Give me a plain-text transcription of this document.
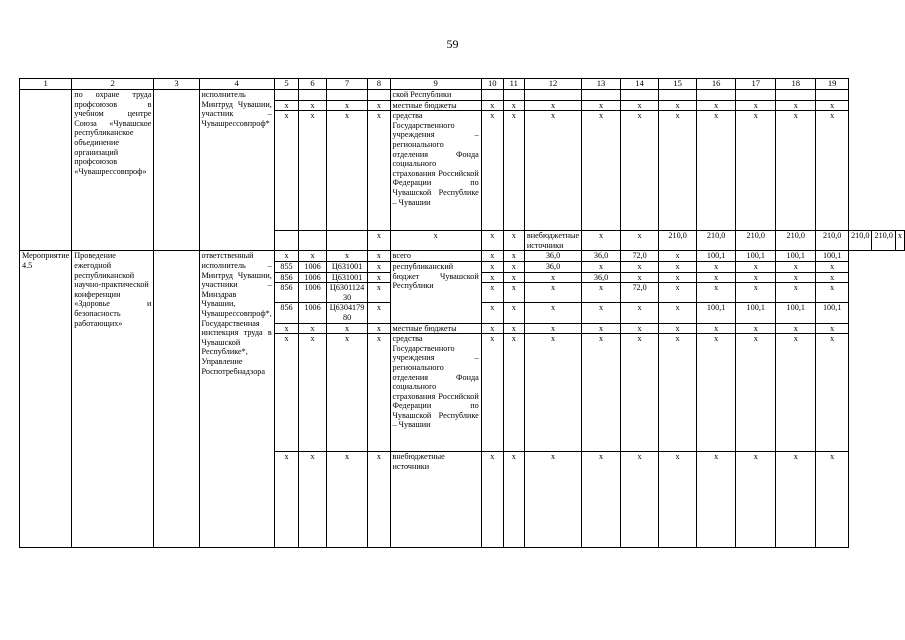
59
1	2	3	4	5	6	7	8	9	10	11	12	13	14	15	16	17	18	19			
	по охране труда профсоюзов в учебном центре Союза «Чувашское республиканское объединение организаций профсоюзов «Чувашрессовпроф»		исполнитель Минтруд Чувашии, участник – Чувашрессовпроф*					ской Республики													
				x	x	x	x	местные бюджеты	x	x	x	x	x	x	x	x	x	x			
				x	x	x	x	средства Государственного учреждения – регионального отделения Фонда социального страхования Российской Федерации по Чувашской Республике – Чувашии	x	x	x	x	x	x	x	x	x	x			
							x	x	x	x	внебюджетные источники	x	x	210,0	210,0	210,0	210,0	210,0	210,0	210,0	x
Мероприятие 4.5	Проведение ежегодной республиканской научно-практической конференции «Здоровье и безопасность работающих»		ответственный исполнитель – Минтруд Чувашии, участники – Минздрав Чувашии, Чувашрессовпроф*, Государственная инспекция труда в Чувашской Республике*, Управление Роспотребнадзора	x	x	x	x	всего	x	x	36,0	36,0	72,0	x	100,1	100,1	100,1	100,1			
				855	1006	Ц631001	x	республиканский бюджет Чувашской Республики	x	x	36,0	x	x	x	x	x	x	x			
				856	1006	Ц631001	x		x	x	x	36,0	x	x	x	x	x	x			
				856	1006	Ц6301124 30	x		x	x	x	x	72,0	x	x	x	x	x			
				856	1006	Ц6304179 80	x		x	x	x	x	x	x	100,1	100,1	100,1	100,1			
				x	x	x	x	местные бюджеты	x	x	x	x	x	x	x	x	x	x			
				x	x	x	x	средства Государственного учреждения – регионального отделения Фонда социального страхования Российской Федерации по Чувашской Республике – Чувашии	x	x	x	x	x	x	x	x	x	x			
				x	x	x	x	внебюджетные источники	x	x	x	x	x	x	x	x	x	x			
